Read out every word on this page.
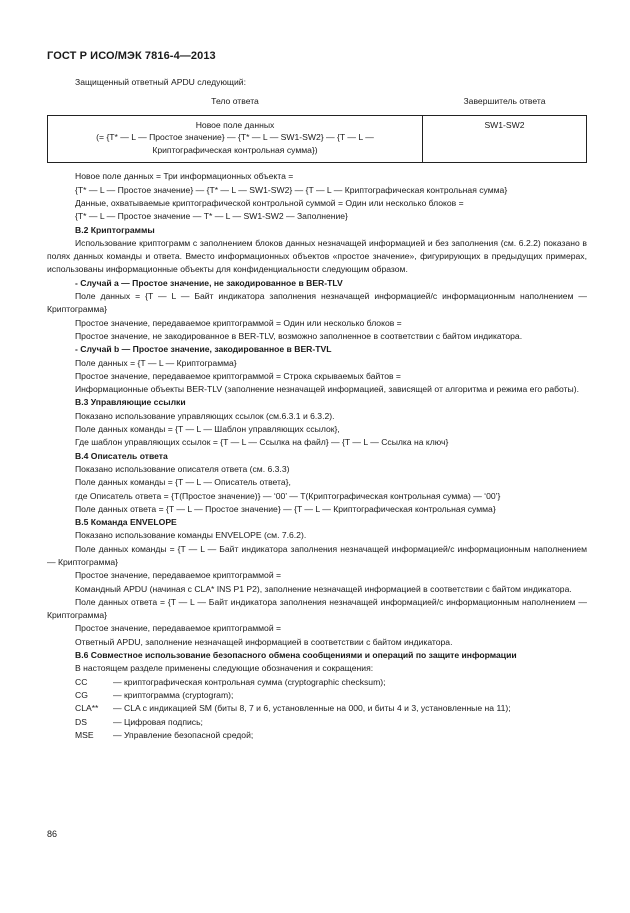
ГОСТ Р ИСО/МЭК 7816-4—2013

Защищенный ответный APDU следующий:

Тело ответа	Завершитель ответа

Новое поле данных
(= {T* — L — Простое значение} — {T* — L — SW1-SW2} — {T — L —
Криптографическая контрольная сумма})	SW1-SW2

Новое поле данных = Три информационных объекта =

{T* — L — Простое значение} — {T* — L — SW1-SW2} — {T — L — Криптографическая контрольная сумма}

Данные, охватываемые криптографической контрольной суммой = Один или несколько блоков =

{T* — L — Простое значение — T* — L — SW1-SW2 — Заполнение}

В.2 Криптограммы

Использование криптограмм с заполнением блоков данных незначащей информацией и без заполнения (см. 6.2.2) показано в полях данных команды и ответа. Вместо информационных объектов «простое значение», фигурирующих в предыдущих примерах, использованы информационные объекты для конфиденциальности следующим образом.

- Случай а — Простое значение, не закодированное в BER-TLV

Поле данных = {T — L — Байт индикатора заполнения незначащей информацией/с информационным наполнением — Криптограмма}

Простое значение, передаваемое криптограммой = Один или несколько блоков =

Простое значение, не закодированное в BER-TLV, возможно заполненное в соответствии с байтом индикатора.

- Случай b — Простое значение, закодированное в BER-TVL

Поле данных = {T — L — Криптограмма}

Простое значение, передаваемое криптограммой = Строка скрываемых байтов =

Информационные объекты BER-TLV (заполнение незначащей информацией, зависящей от алгоритма и режима его работы).

В.3 Управляющие ссылки

Показано использование управляющих ссылок (см.6.3.1 и 6.3.2).

Поле данных команды = {T — L — Шаблон управляющих ссылок},

Где шаблон управляющих ссылок = {T — L — Ссылка на файл} — {T — L — Ссылка на ключ}

В.4 Описатель ответа

Показано использование описателя ответа (см. 6.3.3)

Поле данных команды = {T — L — Описатель ответа},

где Описатель ответа = {T(Простое значение)} — ‘00’ — T(Криптографическая контрольная сумма) — ‘00’}

Поле данных ответа = {T — L — Простое значение} — {T — L — Криптографическая контрольная сумма}

В.5 Команда ENVELOPE

Показано использование команды ENVELOPE (см. 7.6.2).

Поле данных команды = {T — L — Байт индикатора заполнения незначащей информацией/с информационным наполнением — Криптограмма}

Простое значение, передаваемое криптограммой =

Командный APDU (начиная с CLA* INS P1 P2), заполнение незначащей информацией в соответствии с байтом индикатора.

Поле данных ответа = {T — L — Байт индикатора заполнения незначащей информацией/с информационным наполнением — Криптограмма}

Простое значение, передаваемое криптограммой =

Ответный APDU, заполнение незначащей информацией в соответствии с байтом индикатора.

В.6 Совместное использование безопасного обмена сообщениями и операций по защите информации

В настоящем разделе применены следующие обозначения и сокращения:

CC	— криптографическая контрольная сумма (cryptographic checksum);
CG	— криптограмма (cryptogram);
CLA**	— CLA с индикацией SM (биты 8, 7 и 6, установленные на 000, и биты 4 и 3, установленные на 11);
DS	— Цифровая подпись;
MSE	— Управление безопасной средой;
86
